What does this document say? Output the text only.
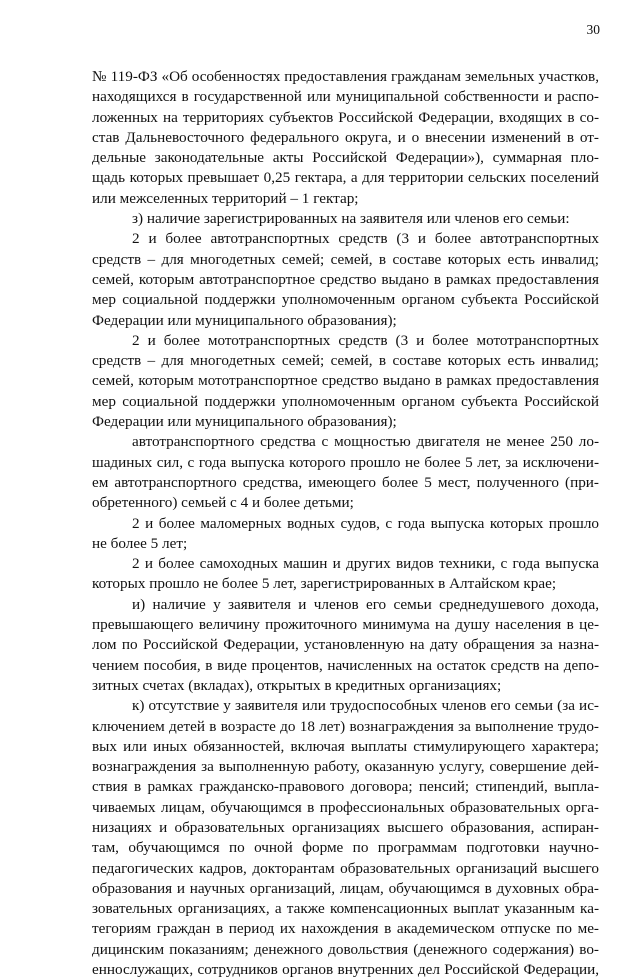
30
№ 119-ФЗ «Об особенностях предоставления гражданам земельных участков,
находящихся в государственной или муниципальной собственности и распо-
ложенных на территориях субъектов Российской Федерации, входящих в со-
став Дальневосточного федерального округа, и о внесении изменений в от-
дельные законодательные акты Российской Федерации»), суммарная пло-
щадь которых превышает 0,25 гектара, а для территории сельских поселений
или межселенных территорий – 1 гектар;
з) наличие зарегистрированных на заявителя или членов его семьи:
2 и более автотранспортных средств (3 и более автотранспортных
средств – для многодетных семей; семей, в составе которых есть инвалид;
семей, которым автотранспортное средство выдано в рамках предоставления
мер социальной поддержки уполномоченным органом субъекта Российской
Федерации или муниципального образования);
2 и более мототранспортных средств (3 и более мототранспортных
средств – для многодетных семей; семей, в составе которых есть инвалид;
семей, которым мототранспортное средство выдано в рамках предоставления
мер социальной поддержки уполномоченным органом субъекта Российской
Федерации или муниципального образования);
автотранспортного средства с мощностью двигателя не менее 250 ло-
шадиных сил, с года выпуска которого прошло не более 5 лет, за исключени-
ем автотранспортного средства, имеющего более 5 мест, полученного (при-
обретенного) семьей с 4 и более детьми;
2 и более маломерных водных судов, с года выпуска которых прошло
не более 5 лет;
2 и более самоходных машин и других видов техники, с года выпуска
которых прошло не более 5 лет, зарегистрированных в Алтайском крае;
и) наличие у заявителя и членов его семьи среднедушевого дохода,
превышающего величину прожиточного минимума на душу населения в це-
лом по Российской Федерации, установленную на дату обращения за назна-
чением пособия, в виде процентов, начисленных на остаток средств на депо-
зитных счетах (вкладах), открытых в кредитных организациях;
к) отсутствие у заявителя или трудоспособных членов его семьи (за ис-
ключением детей в возрасте до 18 лет) вознаграждения за выполнение трудо-
вых или иных обязанностей, включая выплаты стимулирующего характера;
вознаграждения за выполненную работу, оказанную услугу, совершение дей-
ствия в рамках гражданско-правового договора; пенсий; стипендий, выпла-
чиваемых лицам, обучающимся в профессиональных образовательных орга-
низациях и образовательных организациях высшего образования, аспиран-
там, обучающимся по очной форме по программам подготовки научно-
педагогических кадров, докторантам образовательных организаций высшего
образования и научных организаций, лицам, обучающимся в духовных обра-
зовательных организациях, а также компенсационных выплат указанным ка-
тегориям граждан в период их нахождения в академическом отпуске по ме-
дицинским показаниям; денежного довольствия (денежного содержания) во-
еннослужащих, сотрудников органов внутренних дел Российской Федерации,
